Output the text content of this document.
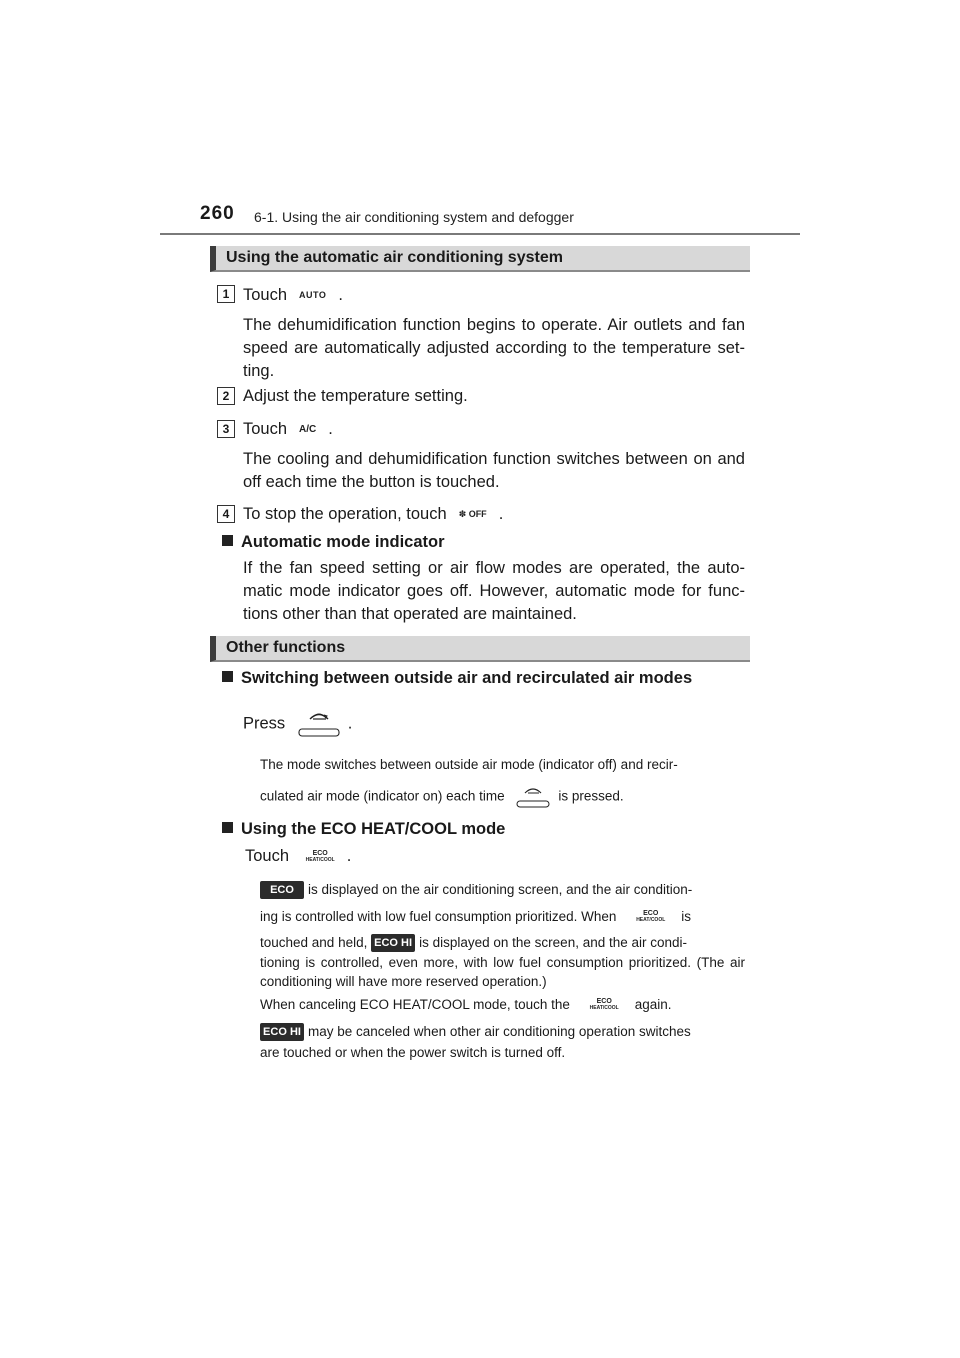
260 6-1. Using the air conditioning system and defogger
Using the automatic air conditioning system
1 Touch AUTO .
The dehumidification function begins to operate. Air outlets and fan speed are automatically adjusted according to the temperature set- ting.
2 Adjust the temperature setting.
3 Touch A/C .
The cooling and dehumidification function switches between on and off each time the button is touched.
4 To stop the operation, touch ✽ OFF .
Automatic mode indicator
If the fan speed setting or air flow modes are operated, the auto- matic mode indicator goes off. However, automatic mode for func- tions other than that operated are maintained.
Other functions
Switching between outside air and recirculated air modes
Press	.
The mode switches between outside air mode (indicator off) and recir-
culated air mode (indicator on) each time	is pressed.
Using the ECO HEAT/COOL mode
Touch	ECO
HEAT/COOL .
ECO is displayed on the air conditioning screen, and the air condition-
ing is controlled with low fuel consumption prioritized. When	ECO
HEAT/COOL is
touched and held, ECO HI is displayed on the screen, and the air condi-
tioning is controlled, even more, with low fuel consumption prioritized. (The air conditioning will have more reserved operation.)
When canceling ECO HEAT/COOL mode, touch the	ECO
HEAT/COOL again.
ECO HI may be canceled when other air conditioning operation switches
are touched or when the power switch is turned off.
